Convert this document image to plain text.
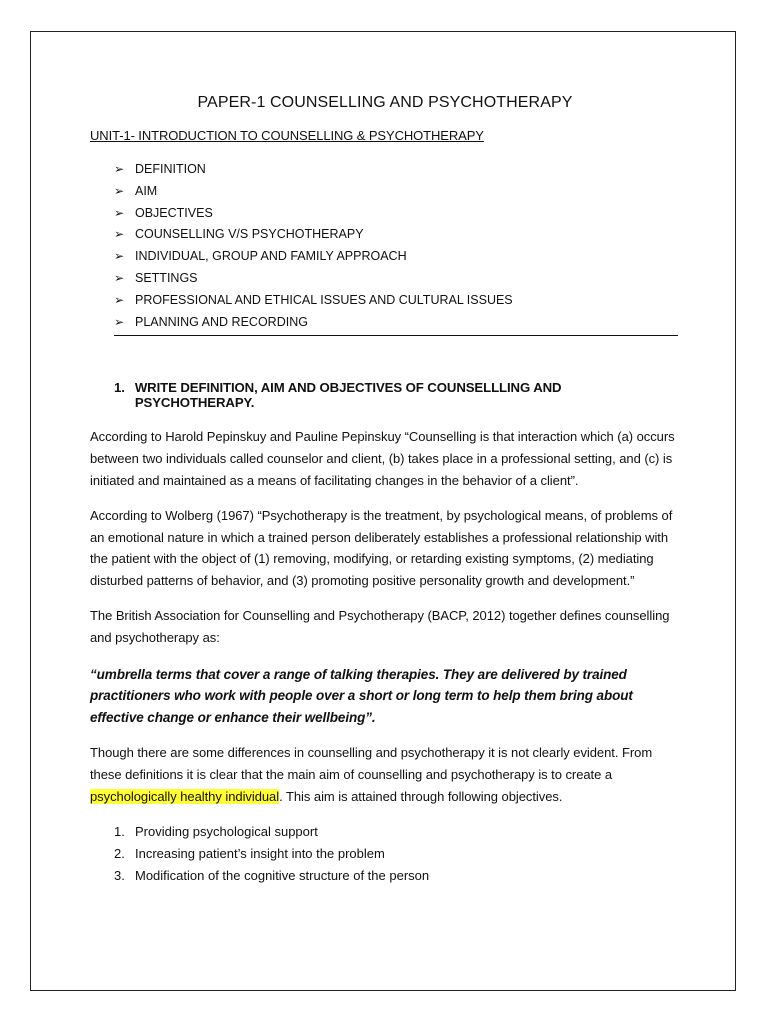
PAPER-1 COUNSELLING AND PSYCHOTHERAPY
UNIT-1- INTRODUCTION TO COUNSELLING & PSYCHOTHERAPY
➢ DEFINITION
➢ AIM
➢ OBJECTIVES
➢ COUNSELLING V/S PSYCHOTHERAPY
➢ INDIVIDUAL, GROUP AND FAMILY APPROACH
➢ SETTINGS
➢ PROFESSIONAL AND ETHICAL ISSUES AND CULTURAL ISSUES
➢ PLANNING AND RECORDING
1. WRITE DEFINITION, AIM AND OBJECTIVES OF COUNSELLLING AND PSYCHOTHERAPY.

According to Harold Pepinskuy and Pauline Pepinskuy “Counselling is that interaction which (a) occurs between two individuals called counselor and client, (b) takes place in a professional setting, and (c) is initiated and maintained as a means of facilitating changes in the behavior of a client”.

According to Wolberg (1967) “Psychotherapy is the treatment, by psychological means, of problems of an emotional nature in which a trained person deliberately establishes a professional relationship with the patient with the object of (1) removing, modifying, or retarding existing symptoms, (2) mediating disturbed patterns of behavior, and (3) promoting positive personality growth and development.”

The British Association for Counselling and Psychotherapy (BACP, 2012) together defines counselling and psychotherapy as:

“umbrella terms that cover a range of talking therapies. They are delivered by trained practitioners who work with people over a short or long term to help them bring about effective change or enhance their wellbeing”.

Though there are some differences in counselling and psychotherapy it is not clearly evident. From these definitions it is clear that the main aim of counselling and psychotherapy is to create a psychologically healthy individual. This aim is attained through following objectives.

1. Providing psychological support
2. Increasing patient’s insight into the problem
3. Modification of the cognitive structure of the person
